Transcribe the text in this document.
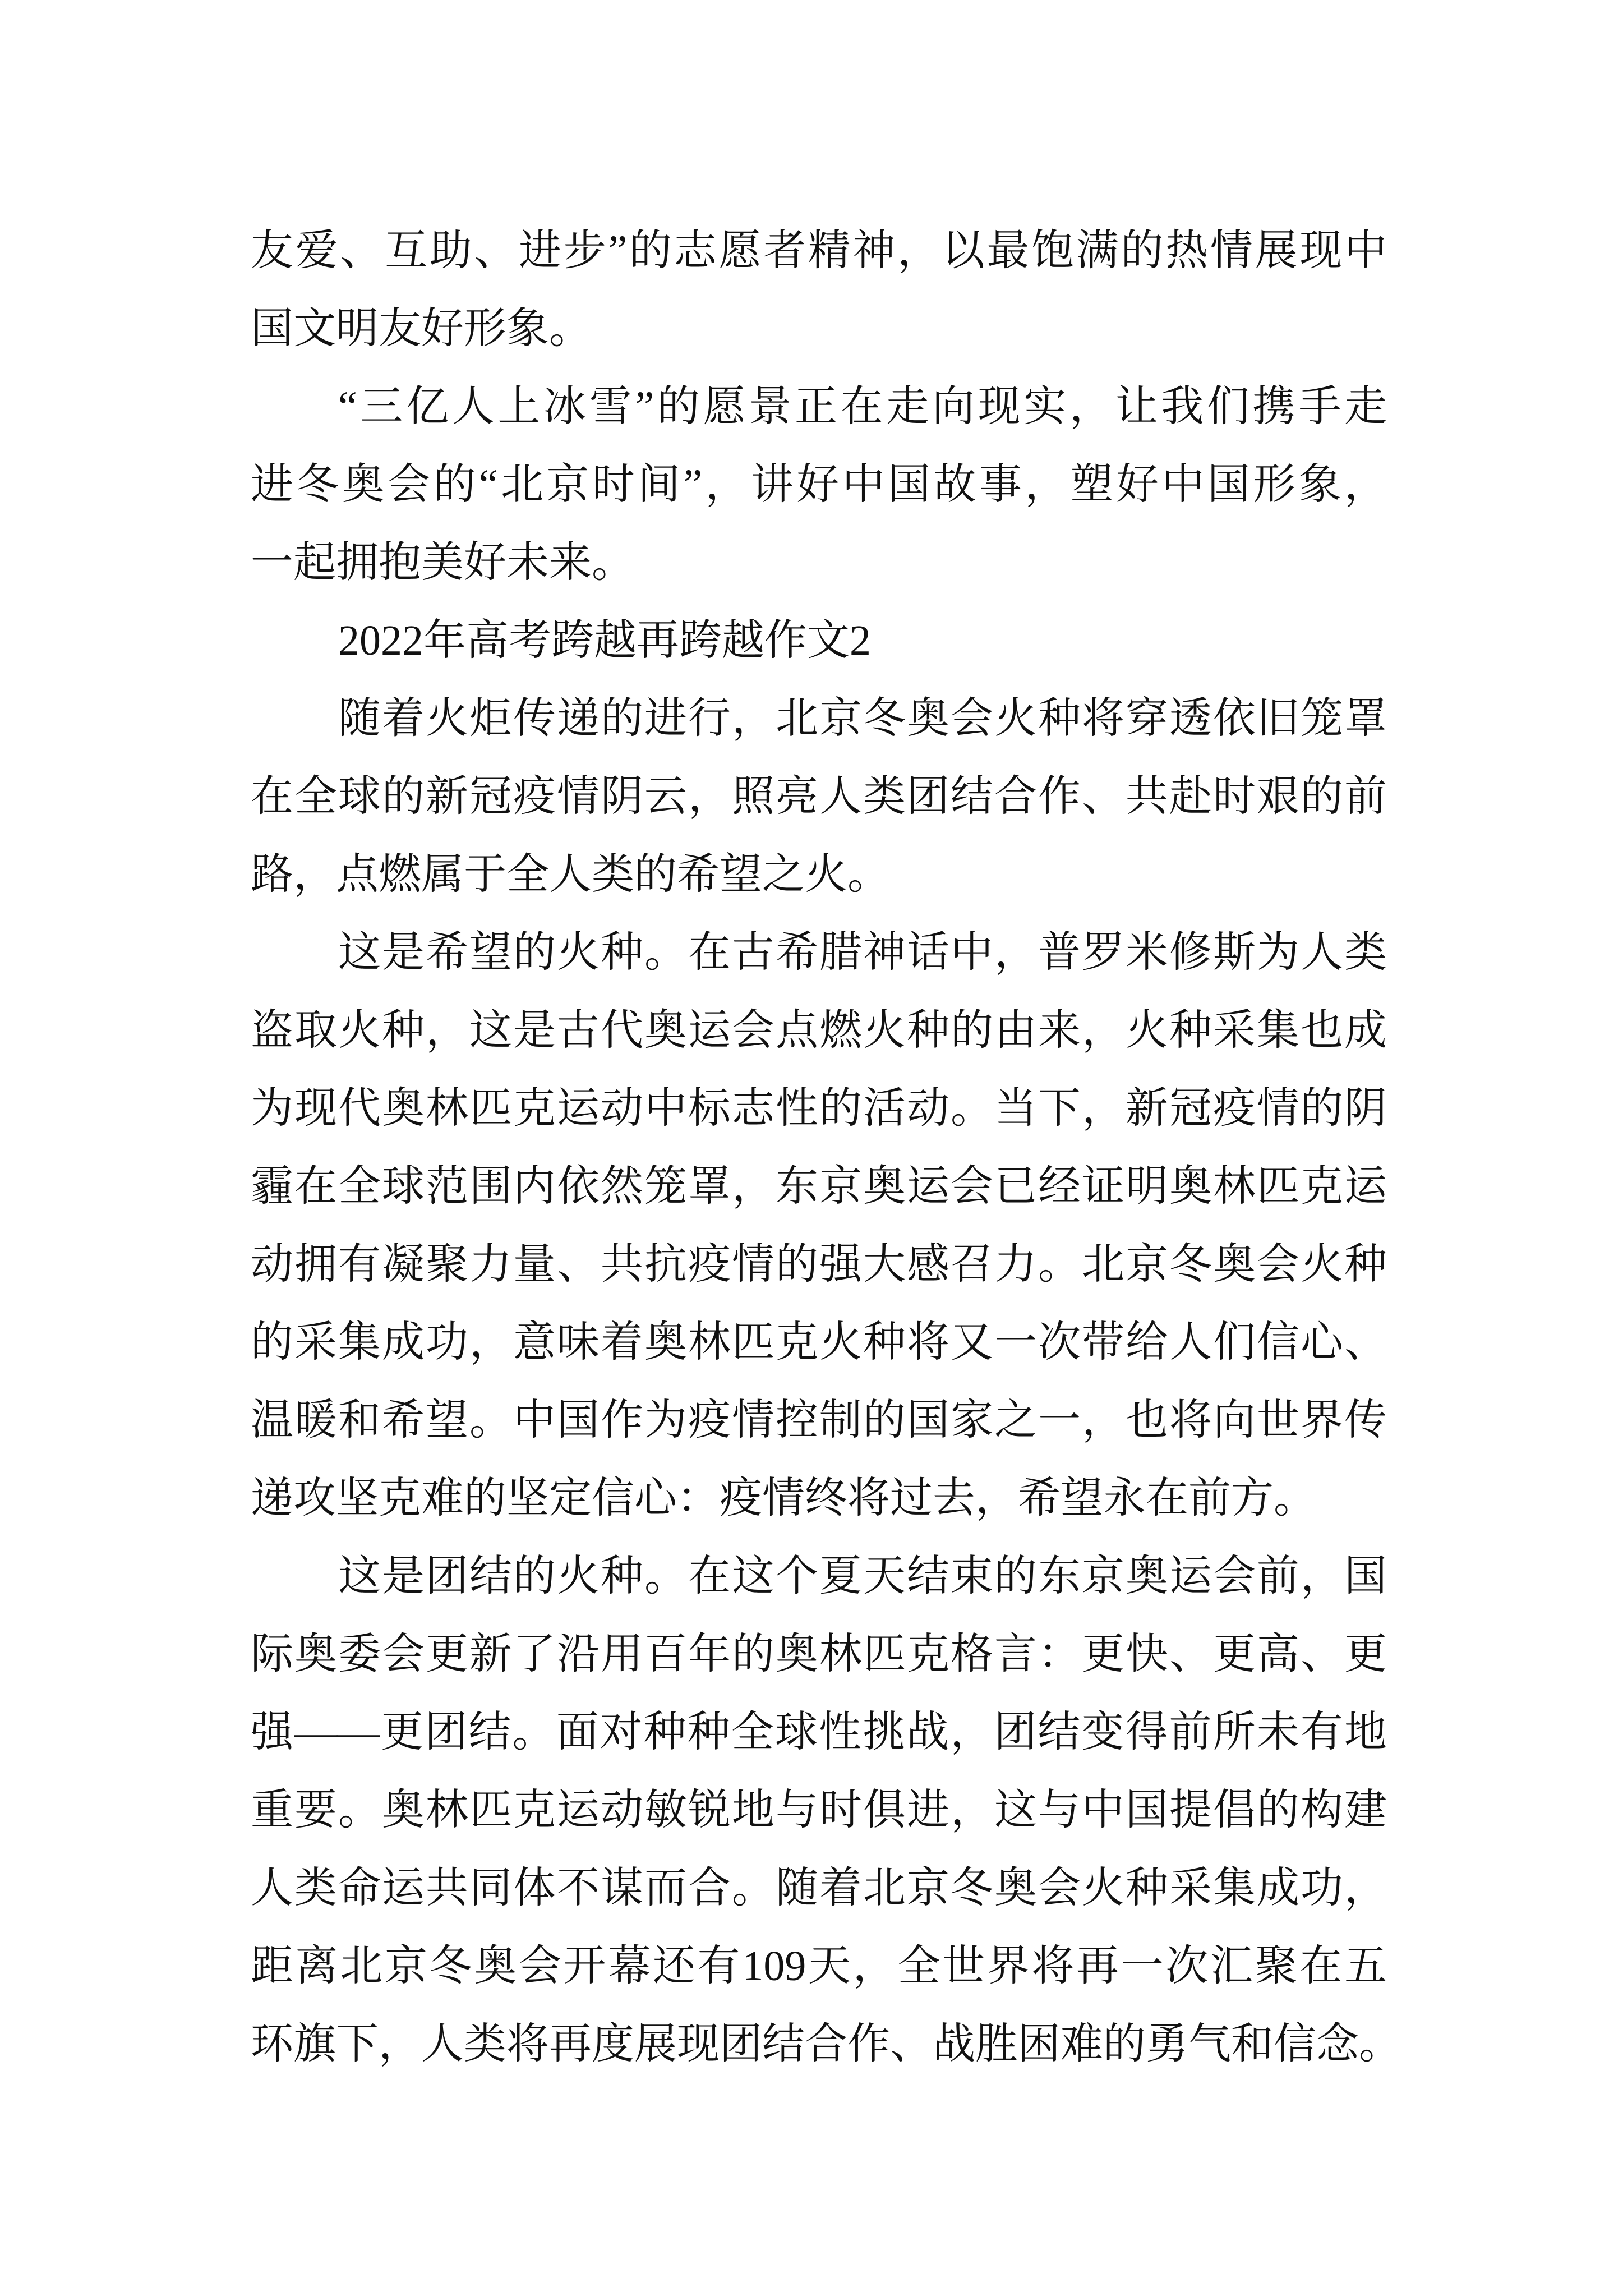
友爱、互助、进步”的志愿者精神，以最饱满的热情展现中
国文明友好形象。
“三亿人上冰雪”的愿景正在走向现实，让我们携手走
进冬奥会的“北京时间”，讲好中国故事，塑好中国形象，
一起拥抱美好未来。
2022年高考跨越再跨越作文2
随着火炬传递的进行，北京冬奥会火种将穿透依旧笼罩
在全球的新冠疫情阴云，照亮人类团结合作、共赴时艰的前
路，点燃属于全人类的希望之火。
这是希望的火种。在古希腊神话中，普罗米修斯为人类
盗取火种，这是古代奥运会点燃火种的由来，火种采集也成
为现代奥林匹克运动中标志性的活动。当下，新冠疫情的阴
霾在全球范围内依然笼罩，东京奥运会已经证明奥林匹克运
动拥有凝聚力量、共抗疫情的强大感召力。北京冬奥会火种
的采集成功，意味着奥林匹克火种将又一次带给人们信心、
温暖和希望。中国作为疫情控制的国家之一，也将向世界传
递攻坚克难的坚定信心：疫情终将过去，希望永在前方。
这是团结的火种。在这个夏天结束的东京奥运会前，国
际奥委会更新了沿用百年的奥林匹克格言：更快、更高、更
强——更团结。面对种种全球性挑战，团结变得前所未有地
重要。奥林匹克运动敏锐地与时俱进，这与中国提倡的构建
人类命运共同体不谋而合。随着北京冬奥会火种采集成功，
距离北京冬奥会开幕还有109天，全世界将再一次汇聚在五
环旗下，人类将再度展现团结合作、战胜困难的勇气和信念。
